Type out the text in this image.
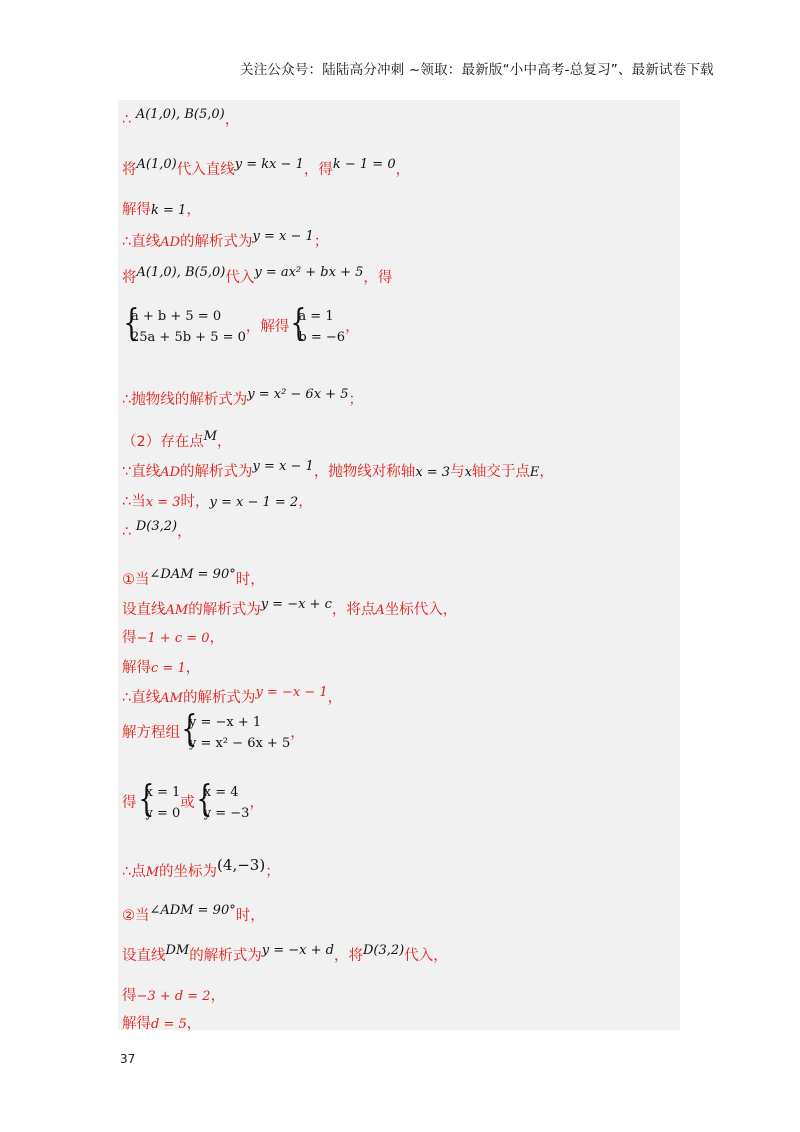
关注公众号：陆陆高分冲刺 ~领取：最新版“小中高考-总复习”、最新试卷下载
∴ A(1,0), B(5,0)，
将A(1,0)代入直线y = kx − 1，得k − 1 = 0，
解得k = 1，
∴直线AD的解析式为y = x − 1；
将A(1,0), B(5,0)代入y = ax² + bx + 5，得
{ a + b + 5 = 0
25a + 5b + 5 = 0
，解得
{ a = 1
b = −6
，
∴抛物线的解析式为y = x² − 6x + 5；
（2）存在点M，
∵直线AD的解析式为y = x − 1，抛物线对称轴x = 3与x轴交于点E，
∴当x = 3时，y = x − 1 = 2，
∴ D(3,2)，
①当∠DAM = 90°时，
设直线AM的解析式为y = −x + c，将点A坐标代入，
得−1 + c = 0，
解得c = 1，
∴直线AM的解析式为y = −x − 1，
解方程组
{ y = −x + 1
y = x² − 6x + 5
，
得
{ x = 1
y = 0
或
{ x = 4
y = −3
，
∴点M的坐标为(4,−3)；
②当∠ADM = 90°时，
设直线DM的解析式为y = −x + d，将D(3,2)代入，
得−3 + d = 2，
解得d = 5，
37
